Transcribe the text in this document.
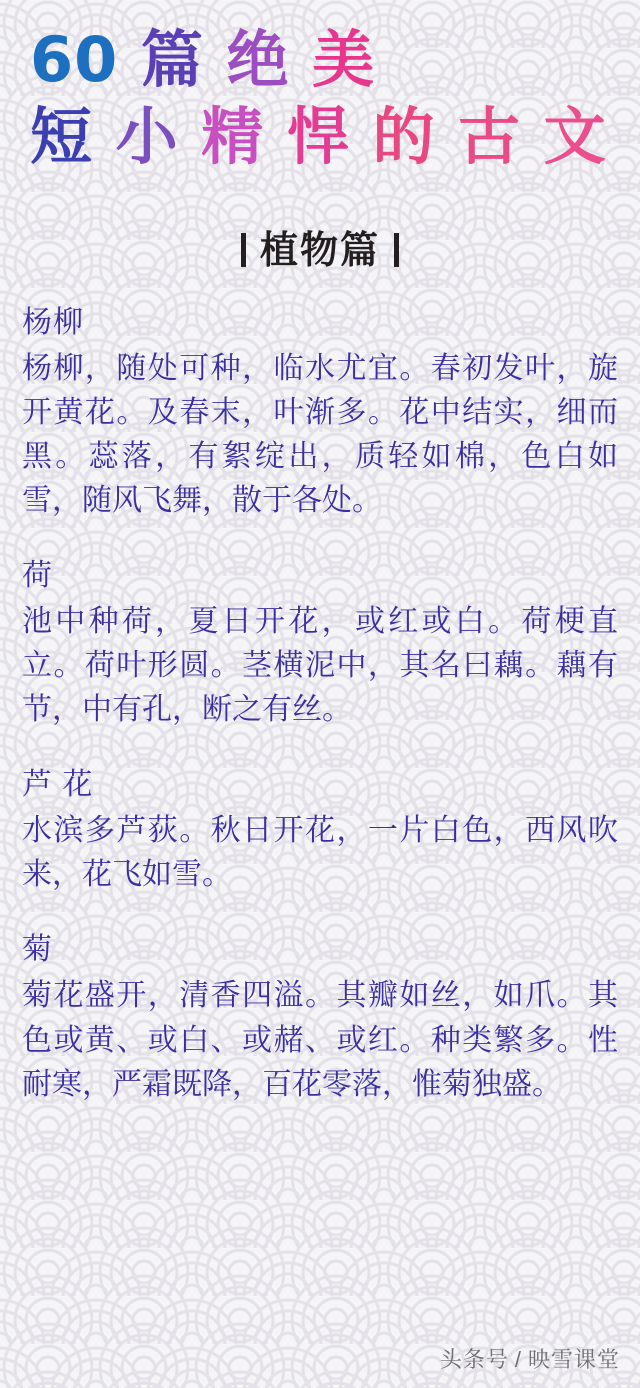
60 篇 绝 美
短 小 精 悍 的 古 文
植物篇
杨柳
杨柳，随处可种，临水尤宜。春初发叶，旋开黄花。及春末，叶渐多。花中结实，细而黑。蕊落，有絮绽出，质轻如棉，色白如雪，随风飞舞，散于各处。
荷
池中种荷，夏日开花，或红或白。荷梗直立。荷叶形圆。茎横泥中，其名曰藕。藕有节，中有孔，断之有丝。
芦 花
水滨多芦荻。秋日开花，一片白色，西风吹来，花飞如雪。
菊
菊花盛开，清香四溢。其瓣如丝，如爪。其色或黄、或白、或赭、或红。种类繁多。性耐寒，严霜既降，百花零落，惟菊独盛。
头条号 / 映雪课堂
